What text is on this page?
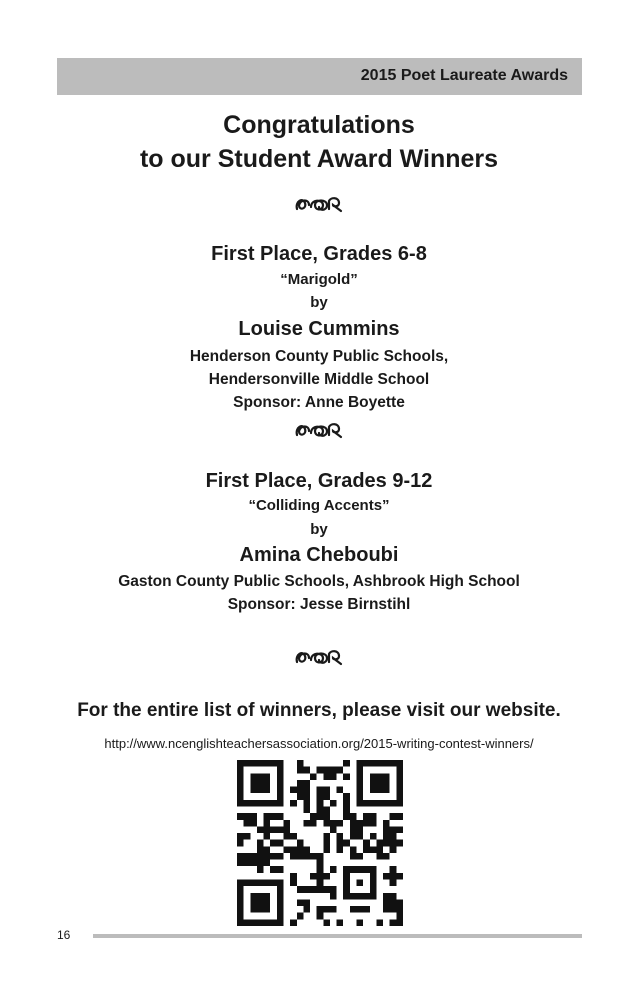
2015 Poet Laureate Awards
Congratulations
to our Student Award Winners
First Place, Grades 6-8
“Marigold”
by
Louise Cummins
Henderson County Public Schools,
Hendersonville Middle School
Sponsor: Anne Boyette
First Place, Grades 9-12
“Colliding Accents”
by
Amina Cheboubi
Gaston County Public Schools, Ashbrook High School
Sponsor: Jesse Birnstihl
For the entire list of winners, please visit our website.
http://www.ncenglishteachersassociation.org/2015-writing-contest-winners/
16
